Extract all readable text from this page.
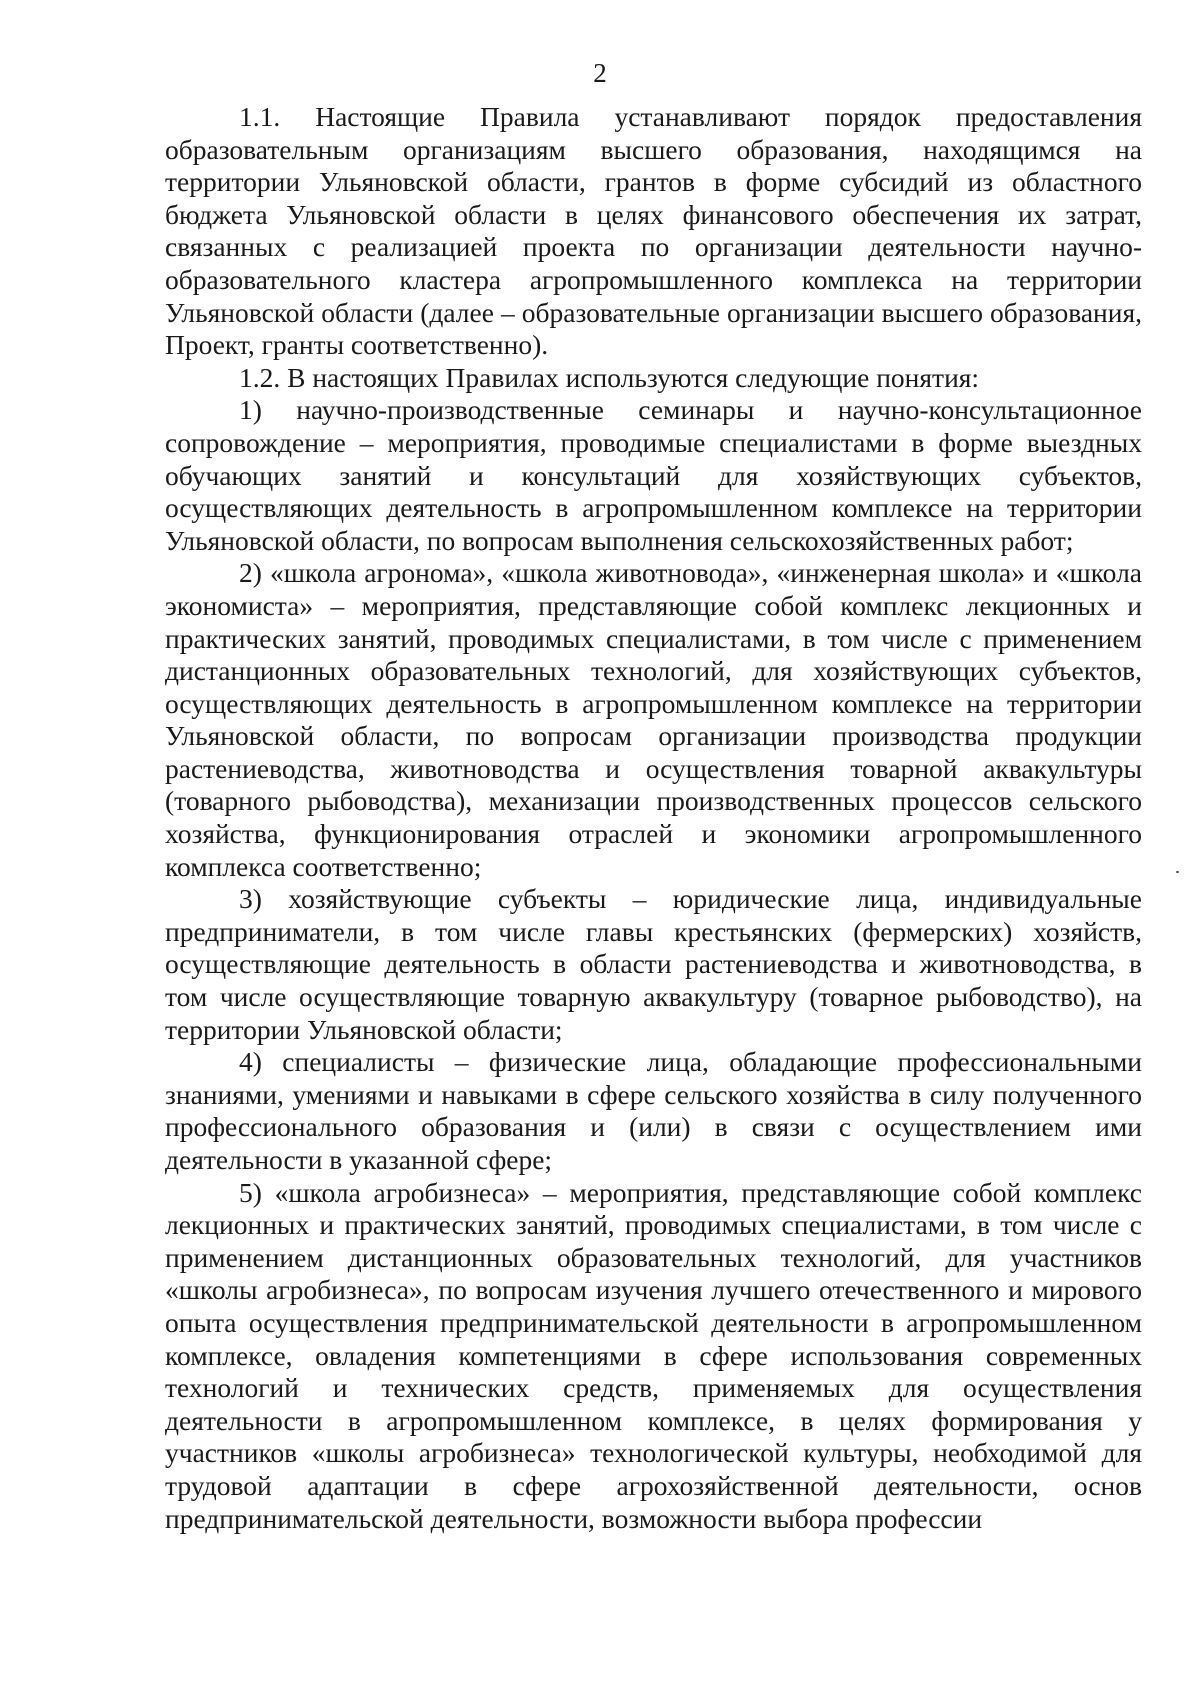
2

1.1. Настоящие Правила устанавливают порядок предоставления образовательным организациям высшего образования, находящимся на территории Ульяновской области, грантов в форме субсидий из областного бюджета Ульяновской области в целях финансового обеспечения их затрат, связанных с реализацией проекта по организации деятельности научно-образовательного кластера агропромышленного комплекса на территории Ульяновской области (далее – образовательные организации высшего образования, Проект, гранты соответственно).

1.2. В настоящих Правилах используются следующие понятия:

1) научно-производственные семинары и научно-консультационное сопровождение – мероприятия, проводимые специалистами в форме выездных обучающих занятий и консультаций для хозяйствующих субъектов, осуществляющих деятельность в агропромышленном комплексе на территории Ульяновской области, по вопросам выполнения сельскохозяйственных работ;

2) «школа агронома», «школа животновода», «инженерная школа» и «школа экономиста» – мероприятия, представляющие собой комплекс лекционных и практических занятий, проводимых специалистами, в том числе с применением дистанционных образовательных технологий, для хозяйствующих субъектов, осуществляющих деятельность в агропромышленном комплексе на территории Ульяновской области, по вопросам организации производства продукции растениеводства, животноводства и осуществления товарной аквакультуры (товарного рыбоводства), механизации производственных процессов сельского хозяйства, функционирования отраслей и экономики агропромышленного комплекса соответственно;

3) хозяйствующие субъекты – юридические лица, индивидуальные предприниматели, в том числе главы крестьянских (фермерских) хозяйств, осуществляющие деятельность в области растениеводства и животноводства, в том числе осуществляющие товарную аквакультуру (товарное рыбоводство), на территории Ульяновской области;

4) специалисты – физические лица, обладающие профессиональными знаниями, умениями и навыками в сфере сельского хозяйства в силу полученного профессионального образования и (или) в связи с осуществлением ими деятельности в указанной сфере;

5) «школа агробизнеса» – мероприятия, представляющие собой комплекс лекционных и практических занятий, проводимых специалистами, в том числе с применением дистанционных образовательных технологий, для участников «школы агробизнеса», по вопросам изучения лучшего отечественного и мирового опыта осуществления предпринимательской деятельности в агропромышленном комплексе, овладения компетенциями в сфере использования современных технологий и технических средств, применяемых для осуществления деятельности в агропромышленном комплексе, в целях формирования у участников «школы агробизнеса» технологической культуры, необходимой для трудовой адаптации в сфере агрохозяйственной деятельности, основ предпринимательской деятельности, возможности выбора профессии
